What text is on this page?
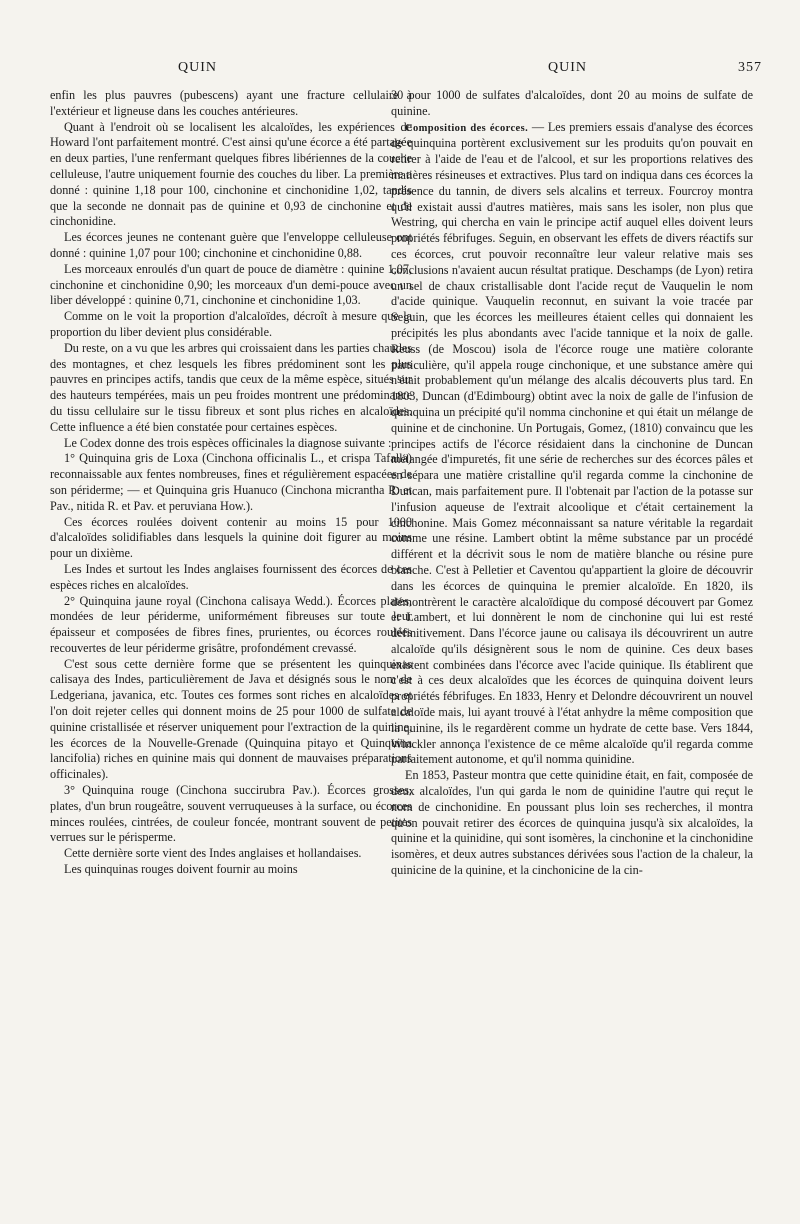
QUIN	QUIN	357

enfin les plus pauvres (pubescens) ayant une fracture cellulaire à l'extérieur et ligneuse dans les couches antérieures.

Quant à l'endroit où se localisent les alcaloïdes, les expériences de Howard l'ont parfaitement montré. C'est ainsi qu'une écorce a été partagée en deux parties, l'une renfermant quelques fibres libériennes de la couche celluleuse, l'autre uniquement fournie des couches du liber. La première a donné : quinine 1,18 pour 100, cinchonine et cinchonidine 1,02, tandis que la seconde ne donnait pas de quinine et 0,93 de cinchonine et de cinchonidine.

Les écorces jeunes ne contenant guère que l'enveloppe celluleuse ont donné : quinine 1,07 pour 100; cinchonine et cinchonidine 0,88.

Les morceaux enroulés d'un quart de pouce de diamètre : quinine 1,07, cinchonine et cinchonidine 0,90; les morceaux d'un demi-pouce avec un liber développé : quinine 0,71, cinchonine et cinchonidine 1,03.

Comme on le voit la proportion d'alcaloïdes, décroît à mesure que la proportion du liber devient plus considérable.

Du reste, on a vu que les arbres qui croissaient dans les parties chaudes des montagnes, et chez lesquels les fibres prédominent sont les plus pauvres en principes actifs, tandis que ceux de la même espèce, situés sur des hauteurs tempérées, mais un peu froides montrent une prédominance du tissu cellulaire sur le tissu fibreux et sont plus riches en alcaloïdes. Cette influence a été bien constatée pour certaines espèces.

Le Codex donne des trois espèces officinales la diagnose suivante :

1° Quinquina gris de Loxa (Cinchona officinalis L., et crispa Tafalla) reconnaissable aux fentes nombreuses, fines et régulièrement espacées de son périderme; — et Quinquina gris Huanuco (Cinchona micrantha R. et Pav., nitida R. et Pav. et peruviana How.).

Ces écorces roulées doivent contenir au moins 15 pour 1000 d'alcaloïdes solidifiables dans lesquels la quinine doit figurer au moins pour un dixième.

Les Indes et surtout les Indes anglaises fournissent des écorces de ces espèces riches en alcaloïdes.

2° Quinquina jaune royal (Cinchona calisaya Wedd.). Écorces plates, mondées de leur périderme, uniformément fibreuses sur toute leur épaisseur et composées de fibres fines, prurientes, ou écorces roulées recouvertes de leur périderme grisâtre, profondément crevassé.

C'est sous cette dernière forme que se présentent les quinquinas calisaya des Indes, particulièrement de Java et désignés sous le nom de Ledgeriana, javanica, etc. Toutes ces formes sont riches en alcaloïdes et l'on doit rejeter celles qui donnent moins de 25 pour 1000 de sulfate de quinine cristallisée et réserver uniquement pour l'extraction de la quinine, les écorces de la Nouvelle-Grenade (Quinquina pitayo et Quinquina lancifolia) riches en quinine mais qui donnent de mauvaises préparations officinales).

3° Quinquina rouge (Cinchona succirubra Pav.). Écorces grosses, plates, d'un brun rougeâtre, souvent verruqueuses à la surface, ou écorces minces roulées, cintrées, de couleur foncée, montrant souvent de petites verrues sur le périsperme.

Cette dernière sorte vient des Indes anglaises et hollandaises.

Les quinquinas rouges doivent fournir au moins

30 pour 1000 de sulfates d'alcaloïdes, dont 20 au moins de sulfate de quinine.

Composition des écorces. — Les premiers essais d'analyse des écorces de quinquina portèrent exclusivement sur les produits qu'on pouvait en retirer à l'aide de l'eau et de l'alcool, et sur les proportions relatives des matières résineuses et extractives. Plus tard on indiqua dans ces écorces la présence du tannin, de divers sels alcalins et terreux. Fourcroy montra qu'il existait aussi d'autres matières, mais sans les isoler, non plus que Westring, qui chercha en vain le principe actif auquel elles doivent leurs propriétés fébrifuges. Seguin, en observant les effets de divers réactifs sur ces écorces, crut pouvoir reconnaître leur valeur relative mais ses conclusions n'avaient aucun résultat pratique. Deschamps (de Lyon) retira un sel de chaux cristallisable dont l'acide reçut de Vauquelin le nom d'acide quinique. Vauquelin reconnut, en suivant la voie tracée par Seguin, que les écorces les meilleures étaient celles qui donnaient les précipités les plus abondants avec l'acide tannique et la noix de galle. Reuss (de Moscou) isola de l'écorce rouge une matière colorante particulière, qu'il appela rouge cinchonique, et une substance amère qui n'était probablement qu'un mélange des alcalis découverts plus tard. En 1803, Duncan (d'Edimbourg) obtint avec la noix de galle de l'infusion de quinquina un précipité qu'il nomma cinchonine et qui était un mélange de quinine et de cinchonine. Un Portugais, Gomez, (1810) convaincu que les principes actifs de l'écorce résidaient dans la cinchonine de Duncan mélangée d'impuretés, fit une série de recherches sur des écorces pâles et en sépara une matière cristalline qu'il regarda comme la cinchonine de Duncan, mais parfaitement pure. Il l'obtenait par l'action de la potasse sur l'infusion aqueuse de l'extrait alcoolique et c'était certainement la cinchonine. Mais Gomez méconnaissant sa nature véritable la regardait comme une résine. Lambert obtint la même substance par un procédé différent et la décrivit sous le nom de matière blanche ou résine pure blanche. C'est à Pelletier et Caventou qu'appartient la gloire de découvrir dans les écorces de quinquina le premier alcaloïde. En 1820, ils démontrèrent le caractère alcaloïdique du composé découvert par Gomez et Lambert, et lui donnèrent le nom de cinchonine qui lui est resté définitivement. Dans l'écorce jaune ou calisaya ils découvrirent un autre alcaloïde qu'ils désignèrent sous le nom de quinine. Ces deux bases existent combinées dans l'écorce avec l'acide quinique. Ils établirent que c'est à ces deux alcaloïdes que les écorces de quinquina doivent leurs propriétés fébrifuges. En 1833, Henry et Delondre découvrirent un nouvel alcaloïde mais, lui ayant trouvé à l'état anhydre la même composition que la quinine, ils le regardèrent comme un hydrate de cette base. Vers 1844, Winckler annonça l'existence de ce même alcaloïde qu'il regarda comme parfaitement autonome, et qu'il nomma quinidine.

En 1853, Pasteur montra que cette quinidine était, en fait, composée de deux alcaloïdes, l'un qui garda le nom de quinidine l'autre qui reçut le nom de cinchonidine. En poussant plus loin ses recherches, il montra qu'on pouvait retirer des écorces de quinquina jusqu'à six alcaloïdes, la quinine et la quinidine, qui sont isomères, la cinchonine et la cinchonidine isomères, et deux autres substances dérivées sous l'action de la chaleur, la quinicine de la quinine, et la cinchonicine de la cin-
